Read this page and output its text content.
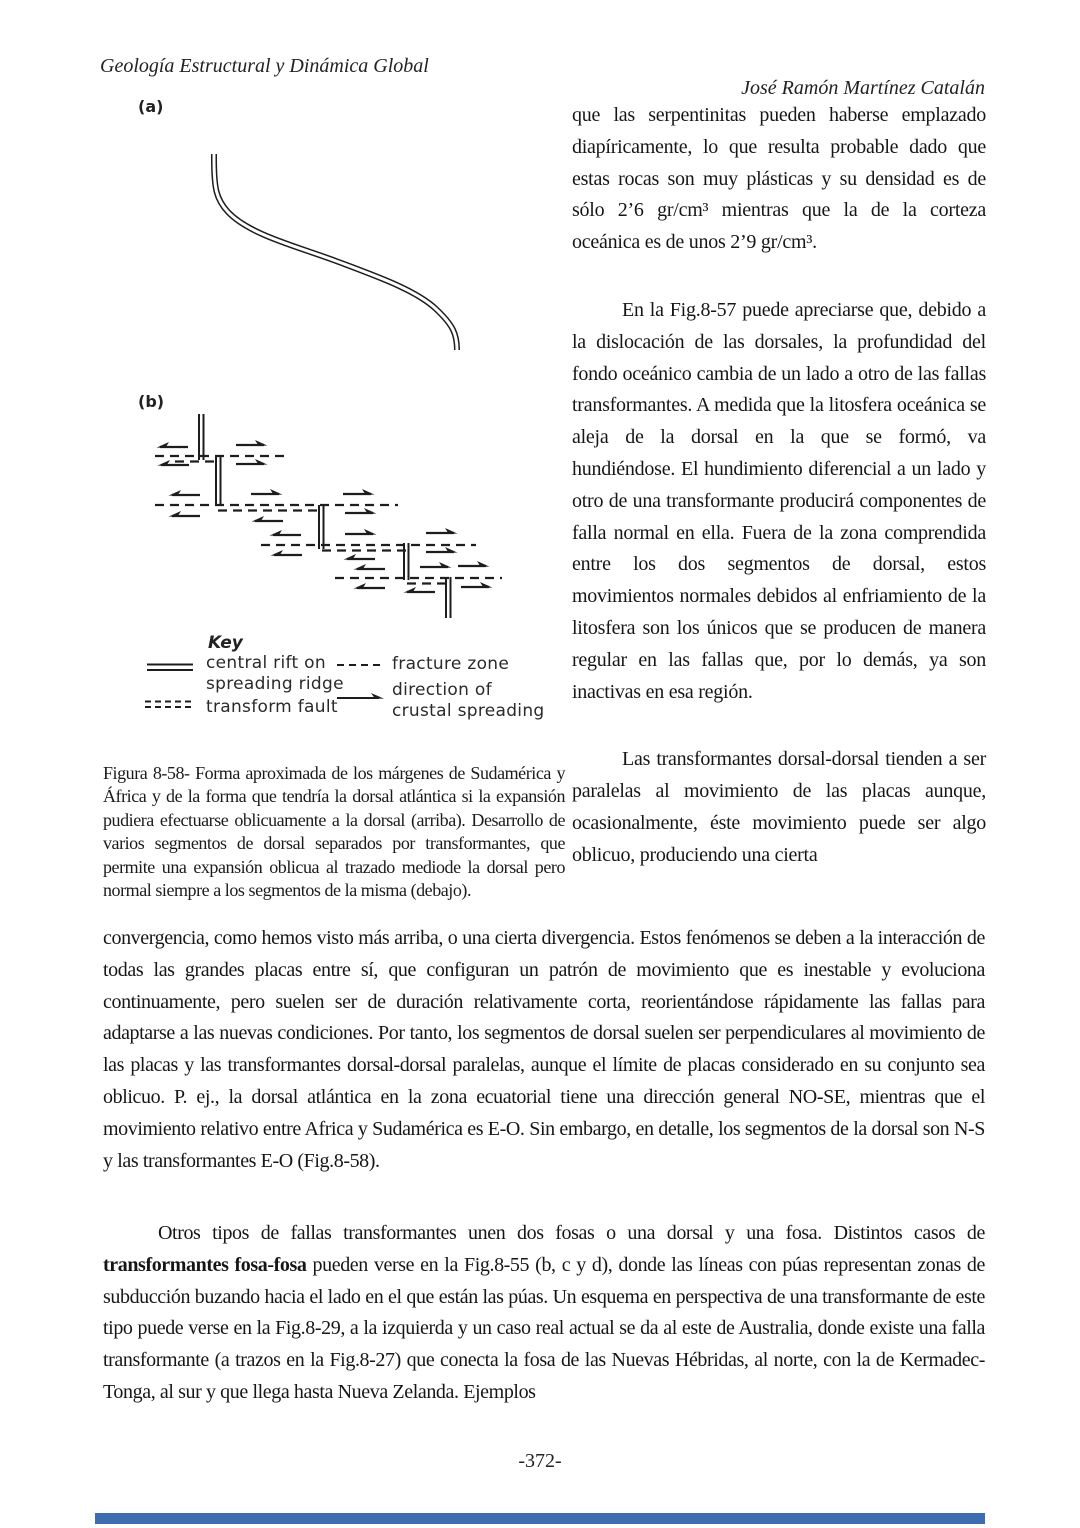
Geología Estructural y Dinámica Global
José Ramón Martínez Catalán
(a)
(b)
Key
central rift on
spreading ridge
transform fault
fracture zone
direction of
crustal spreading
Figura 8-58- Forma aproximada de los márgenes de Sudamérica y África y de la forma que tendría la dorsal atlántica si la expansión pudiera efectuarse oblicuamente a la dorsal (arriba). Desarrollo de varios segmentos de dorsal separados por transformantes, que permite una expansión oblicua al trazado mediode la dorsal pero normal siempre a los segmentos de la misma (debajo).

que las serpentinitas pueden haberse emplazado diapíricamente, lo que resulta probable dado que estas rocas son muy plásticas y su densidad es de sólo 2’6 gr/cm³ mientras que la de la corteza oceánica es de unos 2’9 gr/cm³.

En la Fig.8-57 puede apreciarse que, debido a la dislocación de las dorsales, la profundidad del fondo oceánico cambia de un lado a otro de las fallas transformantes. A medida que la litosfera oceánica se aleja de la dorsal en la que se formó, va hundiéndose. El hundimiento diferencial a un lado y otro de una transformante producirá componentes de falla normal en ella. Fuera de la zona comprendida entre los dos segmentos de dorsal, estos movimientos normales debidos al enfriamiento de la litosfera son los únicos que se producen de manera regular en las fallas que, por lo demás, ya son inactivas en esa región.

Las transformantes dorsal-dorsal tienden a ser paralelas al movimiento de las placas aunque, ocasionalmente, éste movimiento puede ser algo oblicuo, produciendo una cierta

convergencia, como hemos visto más arriba, o una cierta divergencia. Estos fenómenos se deben a la interacción de todas las grandes placas entre sí, que configuran un patrón de movimiento que es inestable y evoluciona continuamente, pero suelen ser de duración relativamente corta, reorientándose rápidamente las fallas para adaptarse a las nuevas condiciones. Por tanto, los segmentos de dorsal suelen ser perpendiculares al movimiento de las placas y las transformantes dorsal-dorsal paralelas, aunque el límite de placas considerado en su conjunto sea oblicuo. P. ej., la dorsal atlántica en la zona ecuatorial tiene una dirección general NO-SE, mientras que el movimiento relativo entre Africa y Sudamérica es E-O. Sin embargo, en detalle, los segmentos de la dorsal son N-S y las transformantes E-O (Fig.8-58).
Otros tipos de fallas transformantes unen dos fosas o una dorsal y una fosa. Distintos casos de transformantes fosa-fosa pueden verse en la Fig.8-55 (b, c y d), donde las líneas con púas representan zonas de subducción buzando hacia el lado en el que están las púas. Un esquema en perspectiva de una transformante de este tipo puede verse en la Fig.8-29, a la izquierda y un caso real actual se da al este de Australia, donde existe una falla transformante (a trazos en la Fig.8-27) que conecta la fosa de las Nuevas Hébridas, al norte, con la de Kermadec-Tonga, al sur y que llega hasta Nueva Zelanda. Ejemplos
-372-
